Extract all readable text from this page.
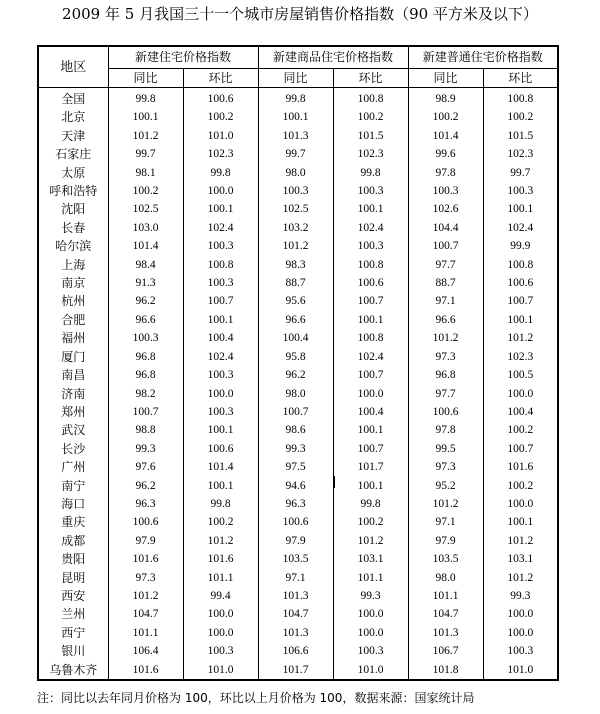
2009 年 5 月我国三十一个城市房屋销售价格指数（90 平方米及以下）
地区	新建住宅价格指数		新建商品住宅价格指数		新建普通住宅价格指数	
	同比	环比	同比	环比	同比	环比
全国	99.8	100.6	99.8	100.8	98.9	100.8
北京	100.1	100.2	100.1	100.2	100.2	100.2
天津	101.2	101.0	101.3	101.5	101.4	101.5
石家庄	99.7	102.3	99.7	102.3	99.6	102.3
太原	98.1	99.8	98.0	99.8	97.8	99.7
呼和浩特	100.2	100.0	100.3	100.3	100.3	100.3
沈阳	102.5	100.1	102.5	100.1	102.6	100.1
长春	103.0	102.4	103.2	102.4	104.4	102.4
哈尔滨	101.4	100.3	101.2	100.3	100.7	99.9
上海	98.4	100.8	98.3	100.8	97.7	100.8
南京	91.3	100.3	88.7	100.6	88.7	100.6
杭州	96.2	100.7	95.6	100.7	97.1	100.7
合肥	96.6	100.1	96.6	100.1	96.6	100.1
福州	100.3	100.4	100.4	100.8	101.2	101.2
厦门	96.8	102.4	95.8	102.4	97.3	102.3
南昌	96.8	100.3	96.2	100.7	96.8	100.5
济南	98.2	100.0	98.0	100.0	97.7	100.0
郑州	100.7	100.3	100.7	100.4	100.6	100.4
武汉	98.8	100.1	98.6	100.1	97.8	100.2
长沙	99.3	100.6	99.3	100.7	99.5	100.7
广州	97.6	101.4	97.5	101.7	97.3	101.6
南宁	96.2	100.1	94.6	100.1	95.2	100.2
海口	96.3	99.8	96.3	99.8	101.2	100.0
重庆	100.6	100.2	100.6	100.2	97.1	100.1
成都	97.9	101.2	97.9	101.2	97.9	101.2
贵阳	101.6	101.6	103.5	103.1	103.5	103.1
昆明	97.3	101.1	97.1	101.1	98.0	101.2
西安	101.2	99.4	101.3	99.3	101.1	99.3
兰州	104.7	100.0	104.7	100.0	104.7	100.0
西宁	101.1	100.0	101.3	100.0	101.3	100.0
银川	106.4	100.3	106.6	100.3	106.7	100.3
乌鲁木齐	101.6	101.0	101.7	101.0	101.8	101.0
注：同比以去年同月价格为 100，环比以上月价格为 100，数据来源：国家统计局
